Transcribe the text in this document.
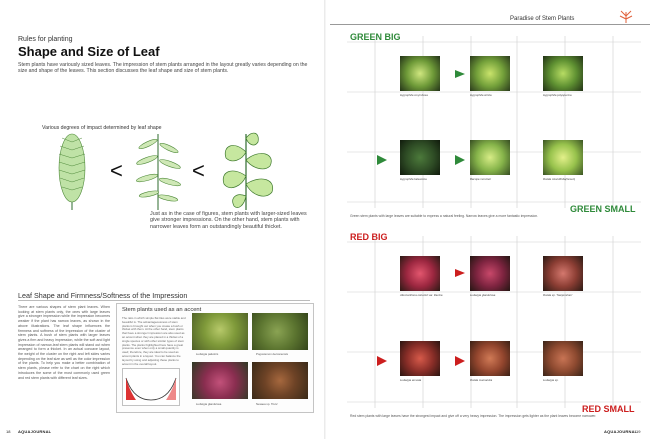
Rules for planting
Shape and Size of Leaf
Stem plants have variously sized leaves. The impression of stem plants arranged in the layout greatly varies depending on the size and shape of the leaves. This section discusses the leaf shape and size of stem plants.
Various degrees of impact determined by leaf shape
<	<
Just as in the case of figures, stem plants with larger-sized leaves give stronger impressions. On the other hand, stem plants with narrower leaves form an outstandingly beautiful thicket.
Leaf Shape and Firmness/Softness of the Impression
There are various shapes of stem plant leaves. When looking at stem plants only, the ones with large leaves give a stronger impression while the impression becomes weaker if the plant has narrow leaves, as shown in the above illustrations. The leaf shape influences the firmness and softness of the impression of the cluster of stem plants. A bush of stem plants with larger leaves gives a firm and heavy impression, while the soft and light impression of narrow-leaf stem plants will stand out when arranged to form a thicket. In an actual concave layout, the weight of the cluster on the right and left sides varies depending on the leaf size as well as the color impression of the plants. To help you make a better combination of stem plants, please refer to the chart on the right which introduces the some of the most commonly used green and red stem plants with different leaf sizes.
Stem plants used as an accent
The ratio in which simple flat tiles were stable and beautiful is. The advantageousness of stem plants is brought out when you create a bush or thicket with them. At the other hand, stem plants that have a stronger impression are also used as an accent when they are placed in a thicket of a single species or with other similar types of stem plants. The plants highlighted here have a great presence even when only a small quantity is used; therefore, they are ideal to be used as accent plants in a layout. You can balance the layout by using and adjusting these plants to accent in the overall layout.
Ludwigia palustris	Pogostemon deccanensis
Ludwigia glandulosa	Nesaea sp. 'Peru'
18 AQUAJOURNAL
Paradise of Stem Plants
GREEN BIG
Hygrophila corymbosa	Hygrophila stricta	Hygrophila polysperma
Hygrophila balsamica	Bacopa monnieri	Rotala rotundifolia(Green)
GREEN SMALL
Green stem plants with large leaves are suitable to express a natural feeling. Narrow leaves give a more fantastic impression.
RED BIG
Alternanthera reineckii var. lilacina	Ludwigia glandulosa	Rotala sp. 'Nanjenshan'
Ludwigia arcuata	Rotala macrandra	Ludwigia sp.
RED SMALL
Red stem plants with large leaves have the strongest impact and give off a very heavy impression. The impression gets lighter as the plant leaves become narrower.
AQUAJOURNAL
19
